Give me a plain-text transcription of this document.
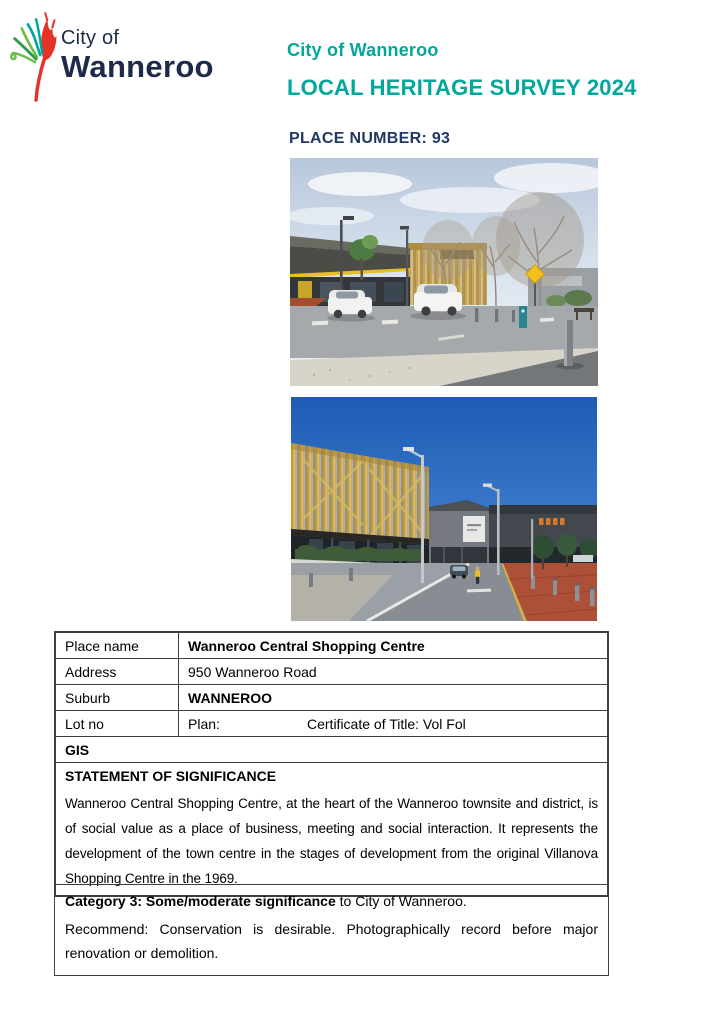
City of
Wanneroo	City of Wanneroo
LOCAL HERITAGE SURVEY 2024
PLACE NUMBER: 93
Place name	Wanneroo Central Shopping Centre
Address	950 Wanneroo Road
Suburb	WANNEROO
Lot no	Plan: Certificate of Title: Vol Fol
GIS	

STATEMENT OF SIGNIFICANCE
Wanneroo Central Shopping Centre, at the heart of the Wanneroo townsite and district, is of social value as a place of business, meeting and social interaction. It represents the development of the town centre in the stages of development from the original Villanova Shopping Centre in the 1969.	

Category 3: Some/moderate significance to City of Wanneroo.

Recommend: Conservation is desirable. Photographically record before major renovation or demolition.
